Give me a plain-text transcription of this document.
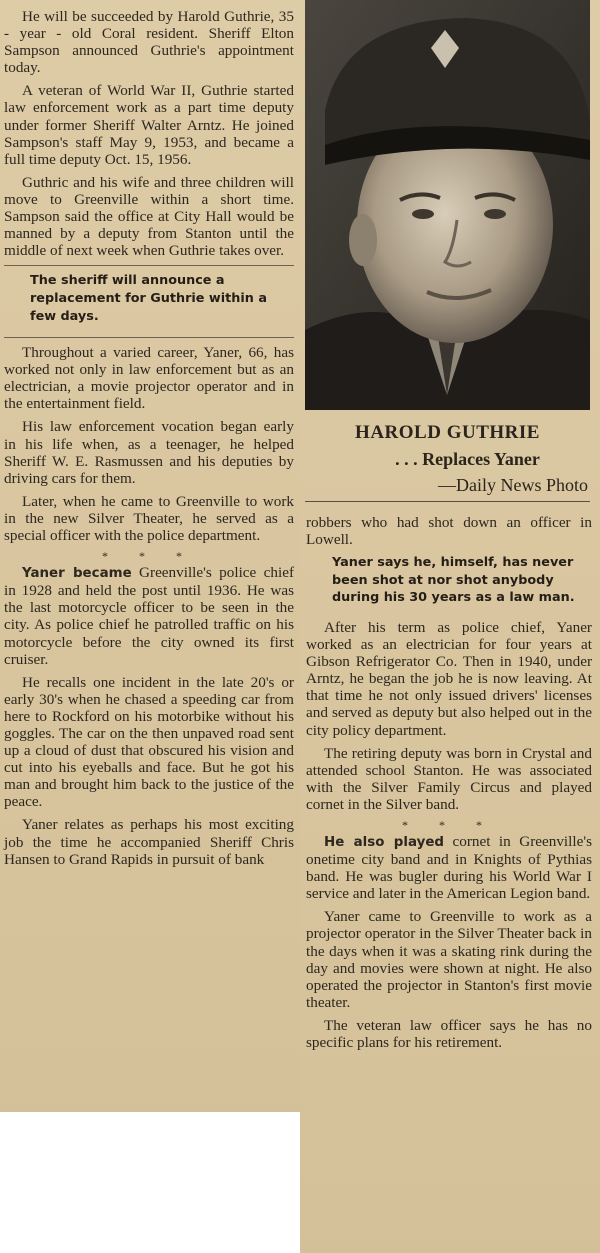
He will be succeeded by Harold Guthrie, 35 - year - old Coral resident. Sheriff Elton Sampson announced Guthrie's appointment today.

A veteran of World War II, Guthrie started law enforcement work as a part time deputy under former Sheriff Walter Arntz. He joined Sampson's staff May 9, 1953, and became a full time deputy Oct. 15, 1956.

Guthric and his wife and three children will move to Greenville within a short time. Sampson said the office at City Hall would be manned by a deputy from Stanton until the middle of next week when Guthrie takes over.

The sheriff will announce a replacement for Guthrie within a few days.

Throughout a varied career, Yaner, 66, has worked not only in law enforcement but as an electrician, a movie projector operator and in the entertainment field.

His law enforcement vocation began early in his life when, as a teenager, he helped Sheriff W. E. Rasmussen and his deputies by driving cars for them.

Later, when he came to Greenville to work in the new Silver Theater, he served as a special officer with the police department.

* * *

Yaner became Greenville's police chief in 1928 and held the post until 1936. He was the last motorcycle officer to be seen in the city. As police chief he patrolled traffic on his motorcycle before the city owned its first cruiser.

He recalls one incident in the late 20's or early 30's when he chased a speeding car from here to Rockford on his motorbike without his goggles. The car on the then unpaved road sent up a cloud of dust that obscured his vision and cut into his eyeballs and face. But he got his man and brought him back to the justice of the peace.

Yaner relates as perhaps his most exciting job the time he accompanied Sheriff Chris Hansen to Grand Rapids in pursuit of bank

HAROLD GUTHRIE

. . . Replaces Yaner

—Daily News Photo

robbers who had shot down an officer in Lowell.

Yaner says he, himself, has never been shot at nor shot anybody during his 30 years as a law man.

After his term as police chief, Yaner worked as an electrician for four years at Gibson Refrigerator Co. Then in 1940, under Arntz, he began the job he is now leaving. At that time he not only issued drivers' licenses and served as deputy but also helped out in the city policy department.

The retiring deputy was born in Crystal and attended school Stanton. He was associated with the Silver Family Circus and played cornet in the Silver band.

* * *

He also played cornet in Greenville's onetime city band and in Knights of Pythias band. He was bugler during his World War I service and later in the American Legion band.

Yaner came to Greenville to work as a projector operator in the Silver Theater back in the days when it was a skating rink during the day and movies were shown at night. He also operated the projector in Stanton's first movie theater.

The veteran law officer says he has no specific plans for his retirement.
